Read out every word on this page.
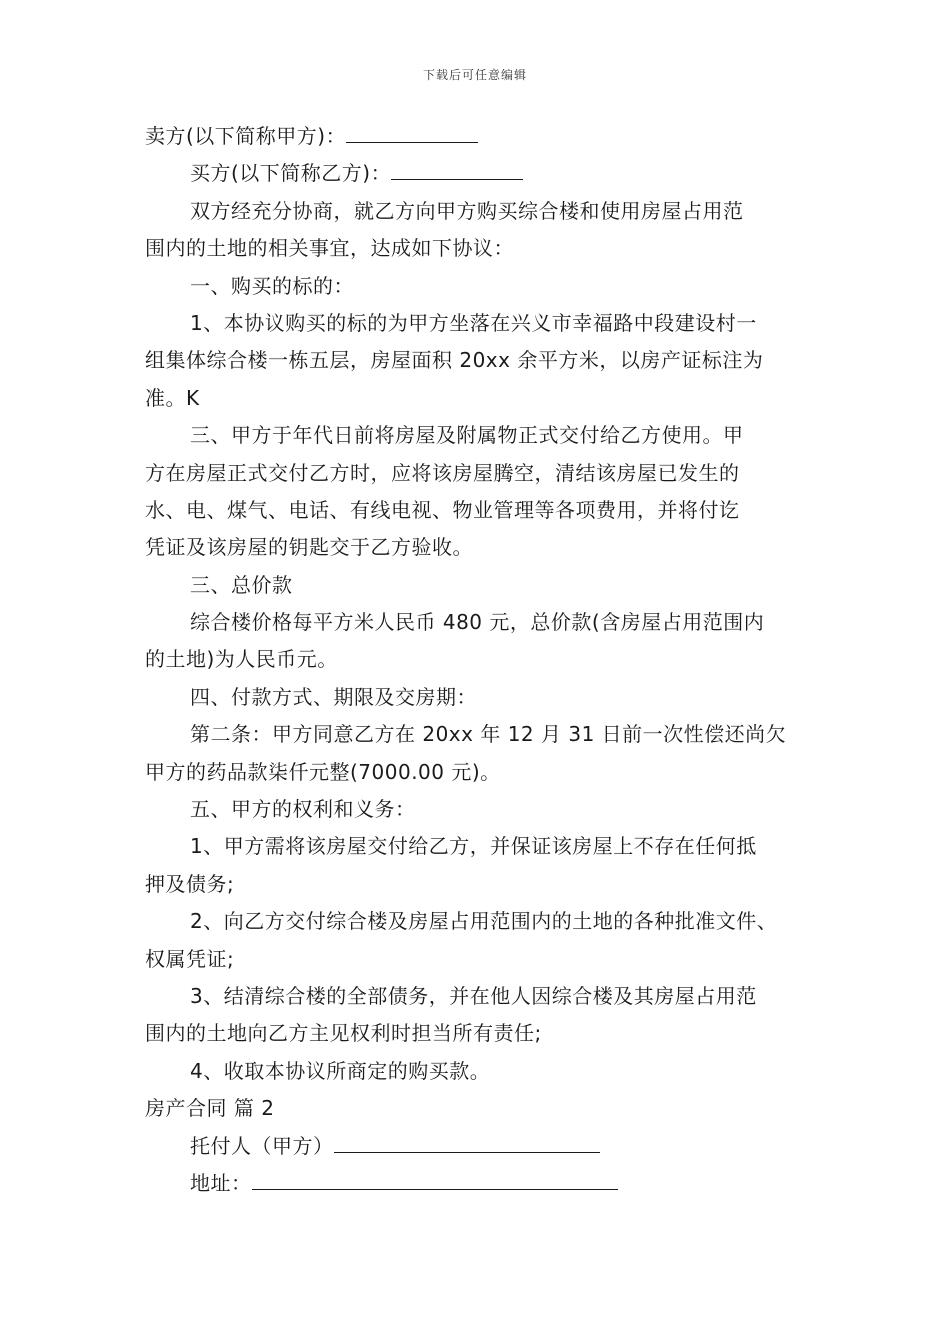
下载后可任意编辑
卖方(以下简称甲方)：
买方(以下简称乙方)：
双方经充分协商，就乙方向甲方购买综合楼和使用房屋占用范
围内的土地的相关事宜，达成如下协议：
一、购买的标的：
1、本协议购买的标的为甲方坐落在兴义市幸福路中段建设村一
组集体综合楼一栋五层，房屋面积 20xx 余平方米，以房产证标注为
准。K
三、甲方于年代日前将房屋及附属物正式交付给乙方使用。甲
方在房屋正式交付乙方时，应将该房屋腾空，清结该房屋已发生的
水、电、煤气、电话、有线电视、物业管理等各项费用，并将付讫
凭证及该房屋的钥匙交于乙方验收。
三、总价款
综合楼价格每平方米人民币 480 元，总价款(含房屋占用范围内
的土地)为人民币元。
四、付款方式、期限及交房期：
第二条：甲方同意乙方在 20xx 年 12 月 31 日前一次性偿还尚欠
甲方的药品款柒仟元整(7000.00 元)。
五、甲方的权利和义务：
1、甲方需将该房屋交付给乙方，并保证该房屋上不存在任何抵
押及债务;
2、向乙方交付综合楼及房屋占用范围内的土地的各种批准文件、
权属凭证;
3、结清综合楼的全部债务，并在他人因综合楼及其房屋占用范
围内的土地向乙方主见权利时担当所有责任;
4、收取本协议所商定的购买款。
房产合同 篇 2
托付人（甲方）
地址：
